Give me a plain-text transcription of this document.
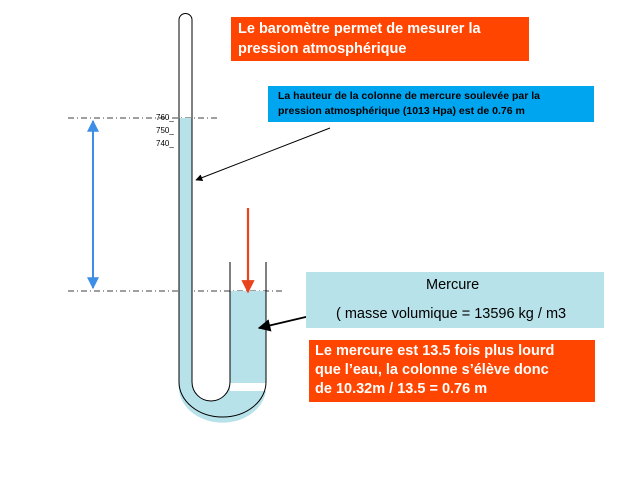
760_
750_
740_
Le baromètre permet de mesurer la
pression atmosphérique
La hauteur de la colonne de mercure soulevée par la
pression atmosphérique (1013 Hpa) est de 0.76 m
Mercure
( masse volumique = 13596 kg / m3
Le mercure est 13.5 fois plus lourd
que l’eau, la colonne s’élève donc
de 10.32m / 13.5 = 0.76 m
